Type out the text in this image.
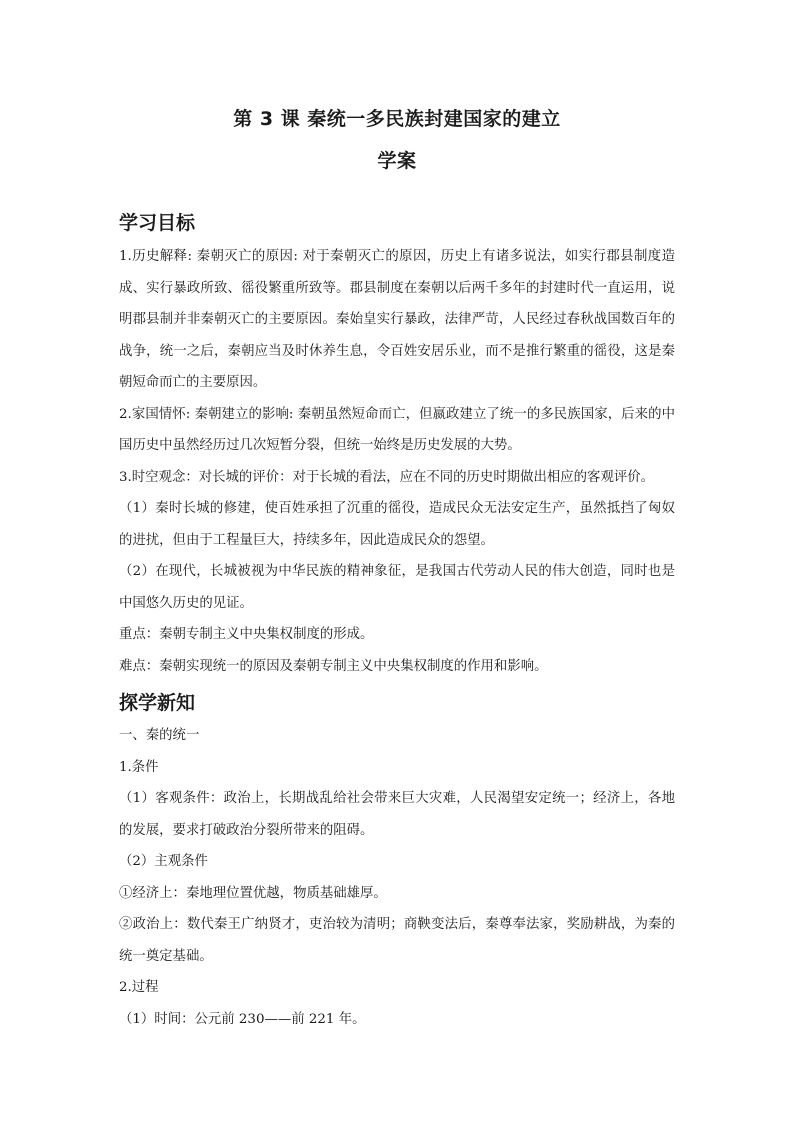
第 3 课 秦统一多民族封建国家的建立
学案
学习目标

1.历史解释: 秦朝灭亡的原因: 对于秦朝灭亡的原因，历史上有诸多说法，如实行郡县制度造成、实行暴政所致、徭役繁重所致等。郡县制度在秦朝以后两千多年的封建时代一直运用，说明郡县制并非秦朝灭亡的主要原因。秦始皇实行暴政，法律严苛，人民经过春秋战国数百年的战争，统一之后，秦朝应当及时休养生息，令百姓安居乐业，而不是推行繁重的徭役，这是秦朝短命而亡的主要原因。

2.家国情怀: 秦朝建立的影响: 秦朝虽然短命而亡，但嬴政建立了统一的多民族国家，后来的中国历史中虽然经历过几次短暂分裂，但统一始终是历史发展的大势。

3.时空观念：对长城的评价：对于长城的看法，应在不同的历史时期做出相应的客观评价。

（1）秦时长城的修建，使百姓承担了沉重的徭役，造成民众无法安定生产，虽然抵挡了匈奴的进扰，但由于工程量巨大，持续多年，因此造成民众的怨望。

（2）在现代，长城被视为中华民族的精神象征，是我国古代劳动人民的伟大创造，同时也是中国悠久历史的见证。

重点：秦朝专制主义中央集权制度的形成。

难点：秦朝实现统一的原因及秦朝专制主义中央集权制度的作用和影响。

探学新知

一、秦的统一

1.条件

（1）客观条件：政治上，长期战乱给社会带来巨大灾难，人民渴望安定统一；经济上，各地的发展，要求打破政治分裂所带来的阻碍。

（2）主观条件

①经济上：秦地理位置优越，物质基础雄厚。

②政治上：数代秦王广纳贤才，吏治较为清明；商鞅变法后，秦尊奉法家，奖励耕战，为秦的统一奠定基础。

2.过程

（1）时间：公元前 230——前 221 年。
